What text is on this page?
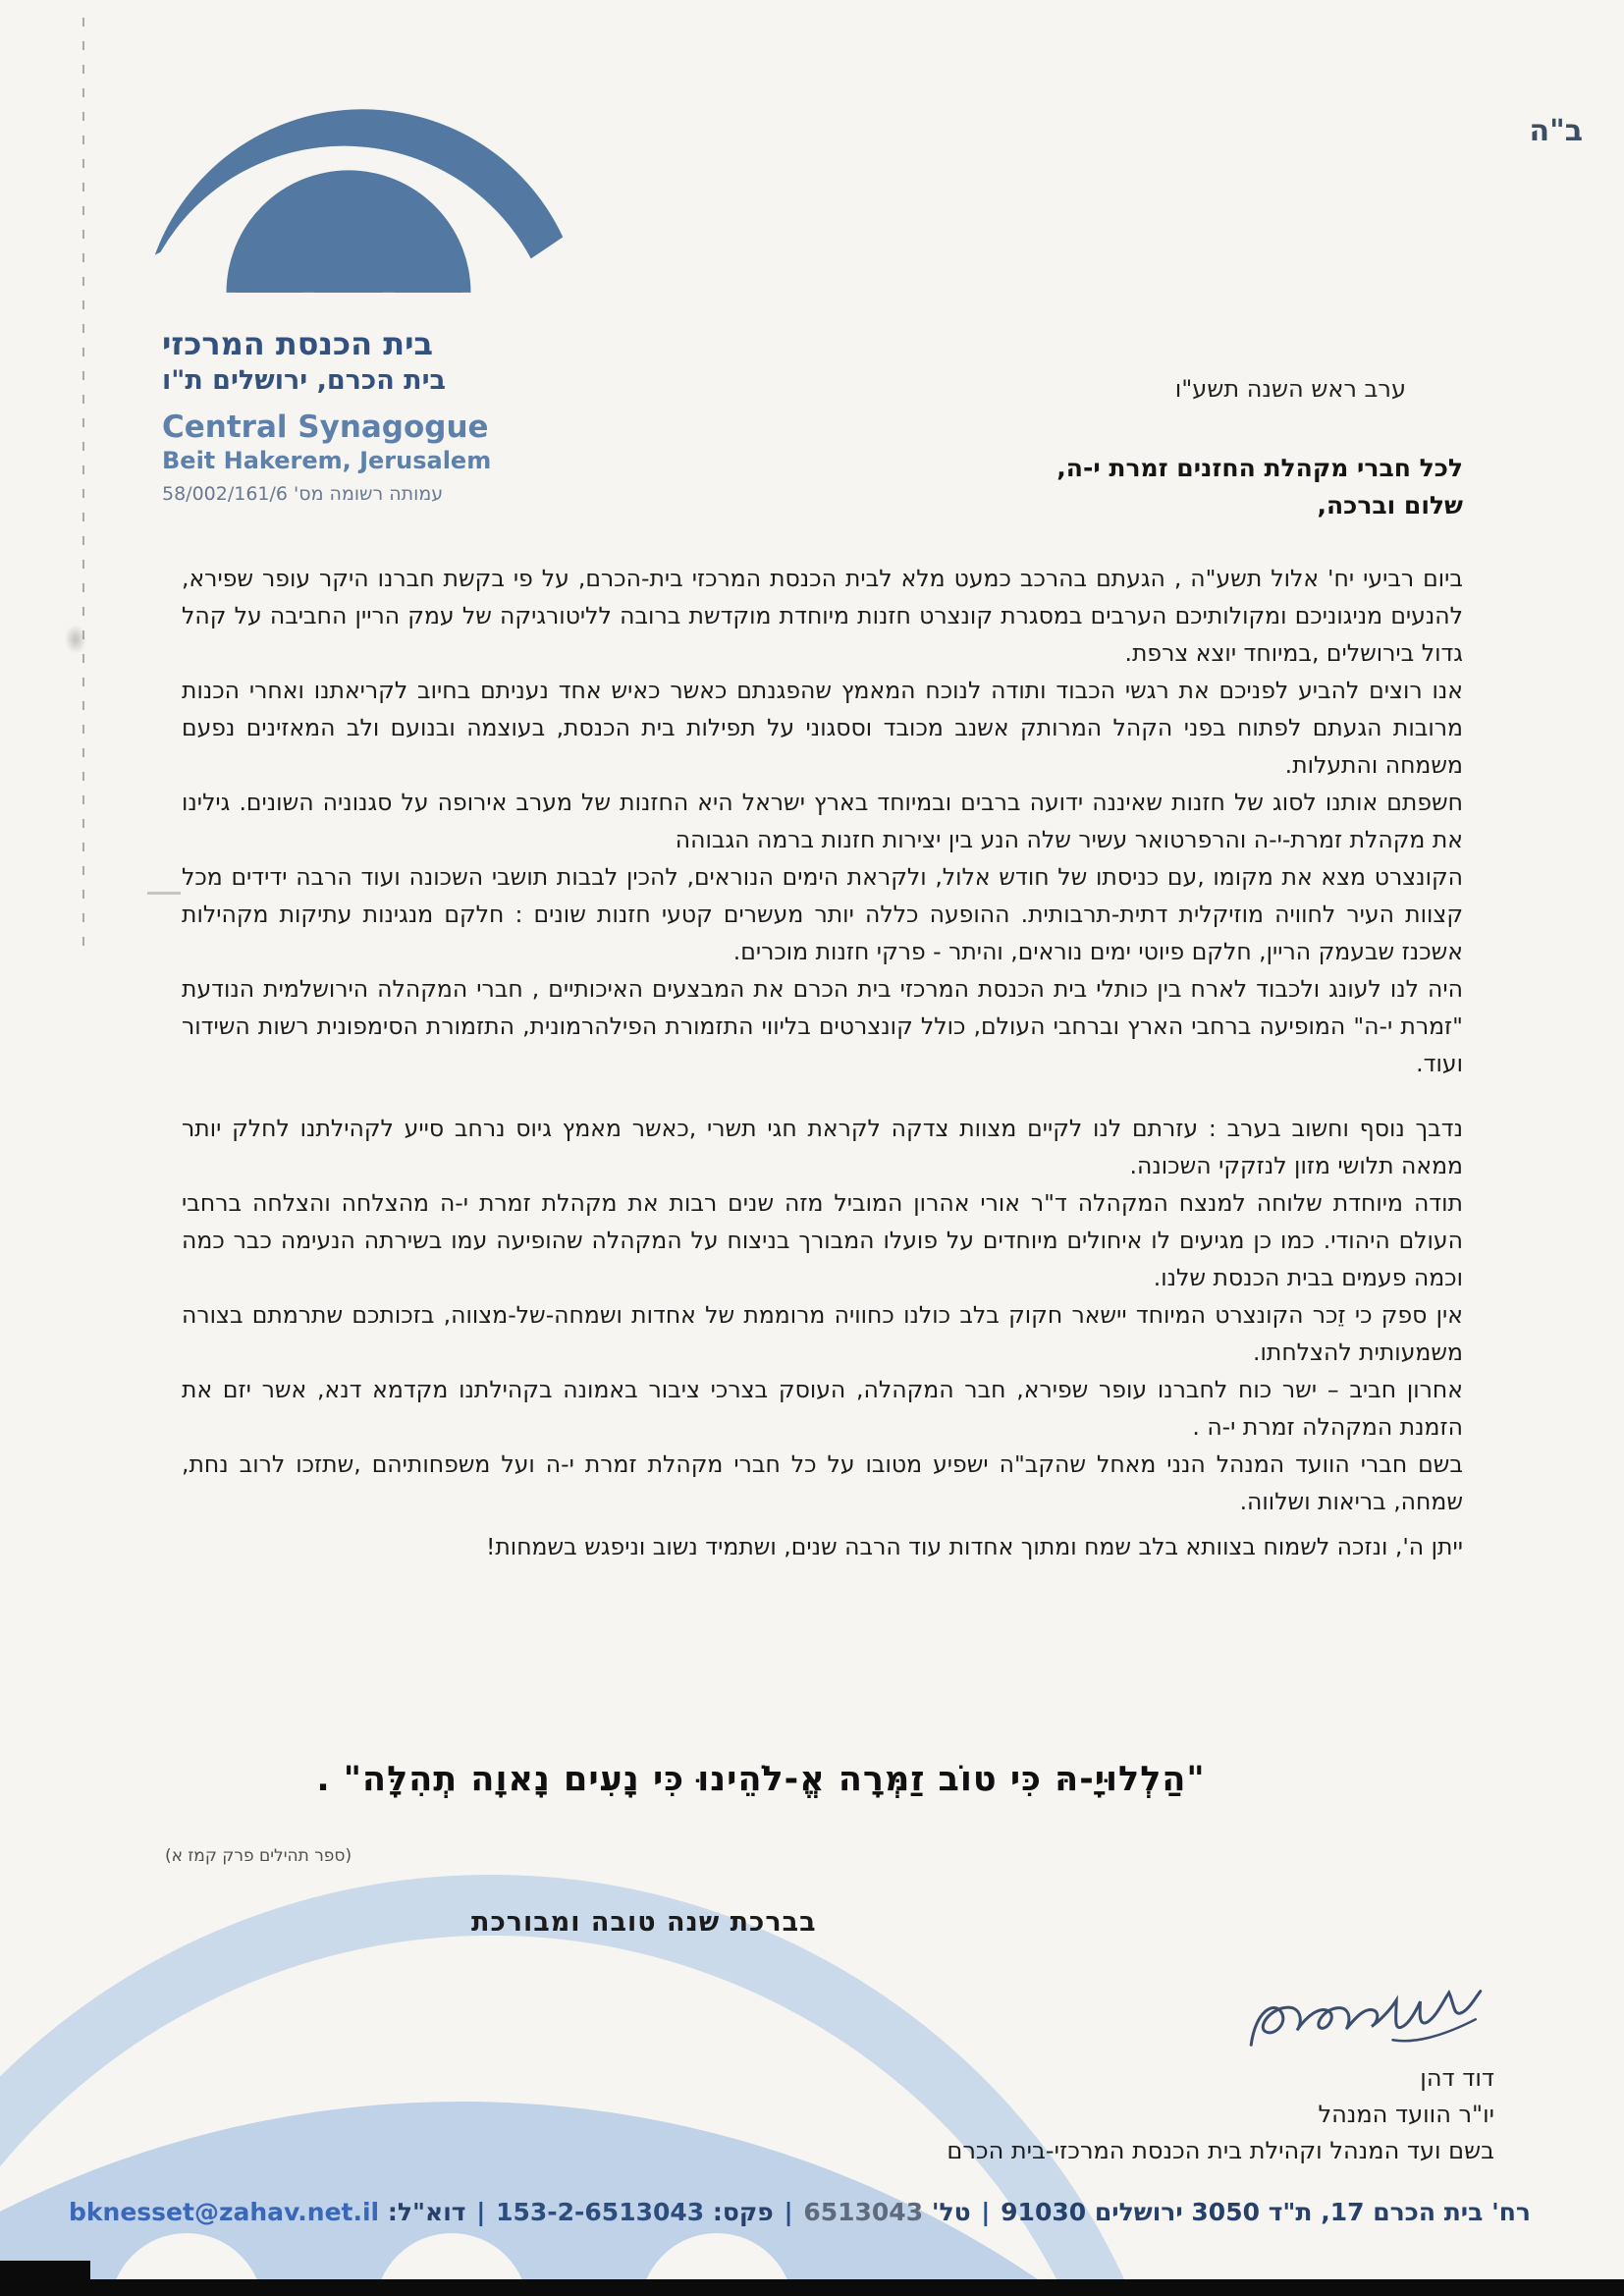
ב"ה
בית הכנסת המרכזי
בית הכרם, ירושלים ת"ו
Central Synagogue
Beit Hakerem, Jerusalem
עמותה רשומה מס' 58/002/161/6
ערב ראש השנה תשע"ו
לכל חברי מקהלת החזנים זמרת י-ה,
שלום וברכה,

ביום רביעי יח' אלול תשע"ה , הגעתם בהרכב כמעט מלא לבית הכנסת המרכזי בית-הכרם, על פי בקשת חברנו היקר עופר שפירא, להנעים מניגוניכם ומקולותיכם הערבים במסגרת קונצרט חזנות מיוחדת מוקדשת ברובה לליטורגיקה של עמק הריין החביבה על קהל גדול בירושלים ,במיוחד יוצא צרפת.

אנו רוצים להביע לפניכם את רגשי הכבוד ותודה לנוכח המאמץ שהפגנתם כאשר כאיש אחד נעניתם בחיוב לקריאתנו ואחרי הכנות מרובות הגעתם לפתוח בפני הקהל המרותק אשנב מכובד וססגוני על תפילות בית הכנסת, בעוצמה ובנועם ולב המאזינים נפעם משמחה והתעלות.

חשפתם אותנו לסוג של חזנות שאיננה ידועה ברבים ובמיוחד בארץ ישראל היא החזנות של מערב אירופה על סגנוניה השונים. גילינו את מקהלת זמרת-י-ה והרפרטואר עשיר שלה הנע בין יצירות חזנות ברמה הגבוהה

הקונצרט מצא את מקומו ,עם כניסתו של חודש אלול, ולקראת הימים הנוראים, להכין לבבות תושבי השכונה ועוד הרבה ידידים מכל קצוות העיר לחוויה מוזיקלית דתית-תרבותית. ההופעה כללה יותר מעשרים קטעי חזנות שונים : חלקם מנגינות עתיקות מקהילות אשכנז שבעמק הריין, חלקם פיוטי ימים נוראים, והיתר - פרקי חזנות מוכרים.

היה לנו לעונג ולכבוד לארח בין כותלי בית הכנסת המרכזי בית הכרם את המבצעים האיכותיים , חברי המקהלה הירושלמית הנודעת "זמרת י-ה" המופיעה ברחבי הארץ וברחבי העולם, כולל קונצרטים בליווי התזמורת הפילהרמונית, התזמורת הסימפונית רשות השידור ועוד.

נדבך נוסף וחשוב בערב : עזרתם לנו לקיים מצוות צדקה לקראת חגי תשרי ,כאשר מאמץ גיוס נרחב סייע לקהילתנו לחלק יותר ממאה תלושי מזון לנזקקי השכונה.

תודה מיוחדת שלוחה למנצח המקהלה ד"ר אורי אהרון המוביל מזה שנים רבות את מקהלת זמרת י-ה מהצלחה והצלחה ברחבי העולם היהודי. כמו כן מגיעים לו איחולים מיוחדים על פועלו המבורך בניצוח על המקהלה שהופיעה עמו בשירתה הנעימה כבר כמה וכמה פעמים בבית הכנסת שלנו.

אין ספק כי זֵכר הקונצרט המיוחד יישאר חקוק בלב כולנו כחוויה מרוממת של אחדות ושמחה-של-מצווה, בזכותכם שתרמתם בצורה משמעותית להצלחתו.

אחרון חביב – ישר כוח לחברנו עופר שפירא, חבר המקהלה, העוסק בצרכי ציבור באמונה בקהילתנו מקדמא דנא, אשר יזם את הזמנת המקהלה זמרת י-ה .

בשם חברי הוועד המנהל הנני מאחל שהקב"ה ישפיע מטובו על כל חברי מקהלת זמרת י-ה ועל משפחותיהם ,שתזכו לרוב נחת, שמחה, בריאות ושלווה.

ייתן ה', ונזכה לשמוח בצוותא בלב שמח ומתוך אחדות עוד הרבה שנים, ושתמיד נשוב וניפגש בשמחות!

"הַלְלוּיָ-הּ כִּי טוֹב זַמְּרָה אֱ-לֹהֵינוּ כִּי נָעִים נָאוָה תְהִלָּה" .
(ספר תהילים פרק קמז א)
בברכת שנה טובה ומבורכת
דוד דהן
יו"ר הוועד המנהל
בשם ועד המנהל וקהילת בית הכנסת המרכזי-בית הכרם
רח' בית הכרם 17, ת"ד 3050 ירושלים 91030
|
טל' 6513043
|
פקס: 153-2-6513043
|
דוא"ל: bknesset@zahav.net.il
